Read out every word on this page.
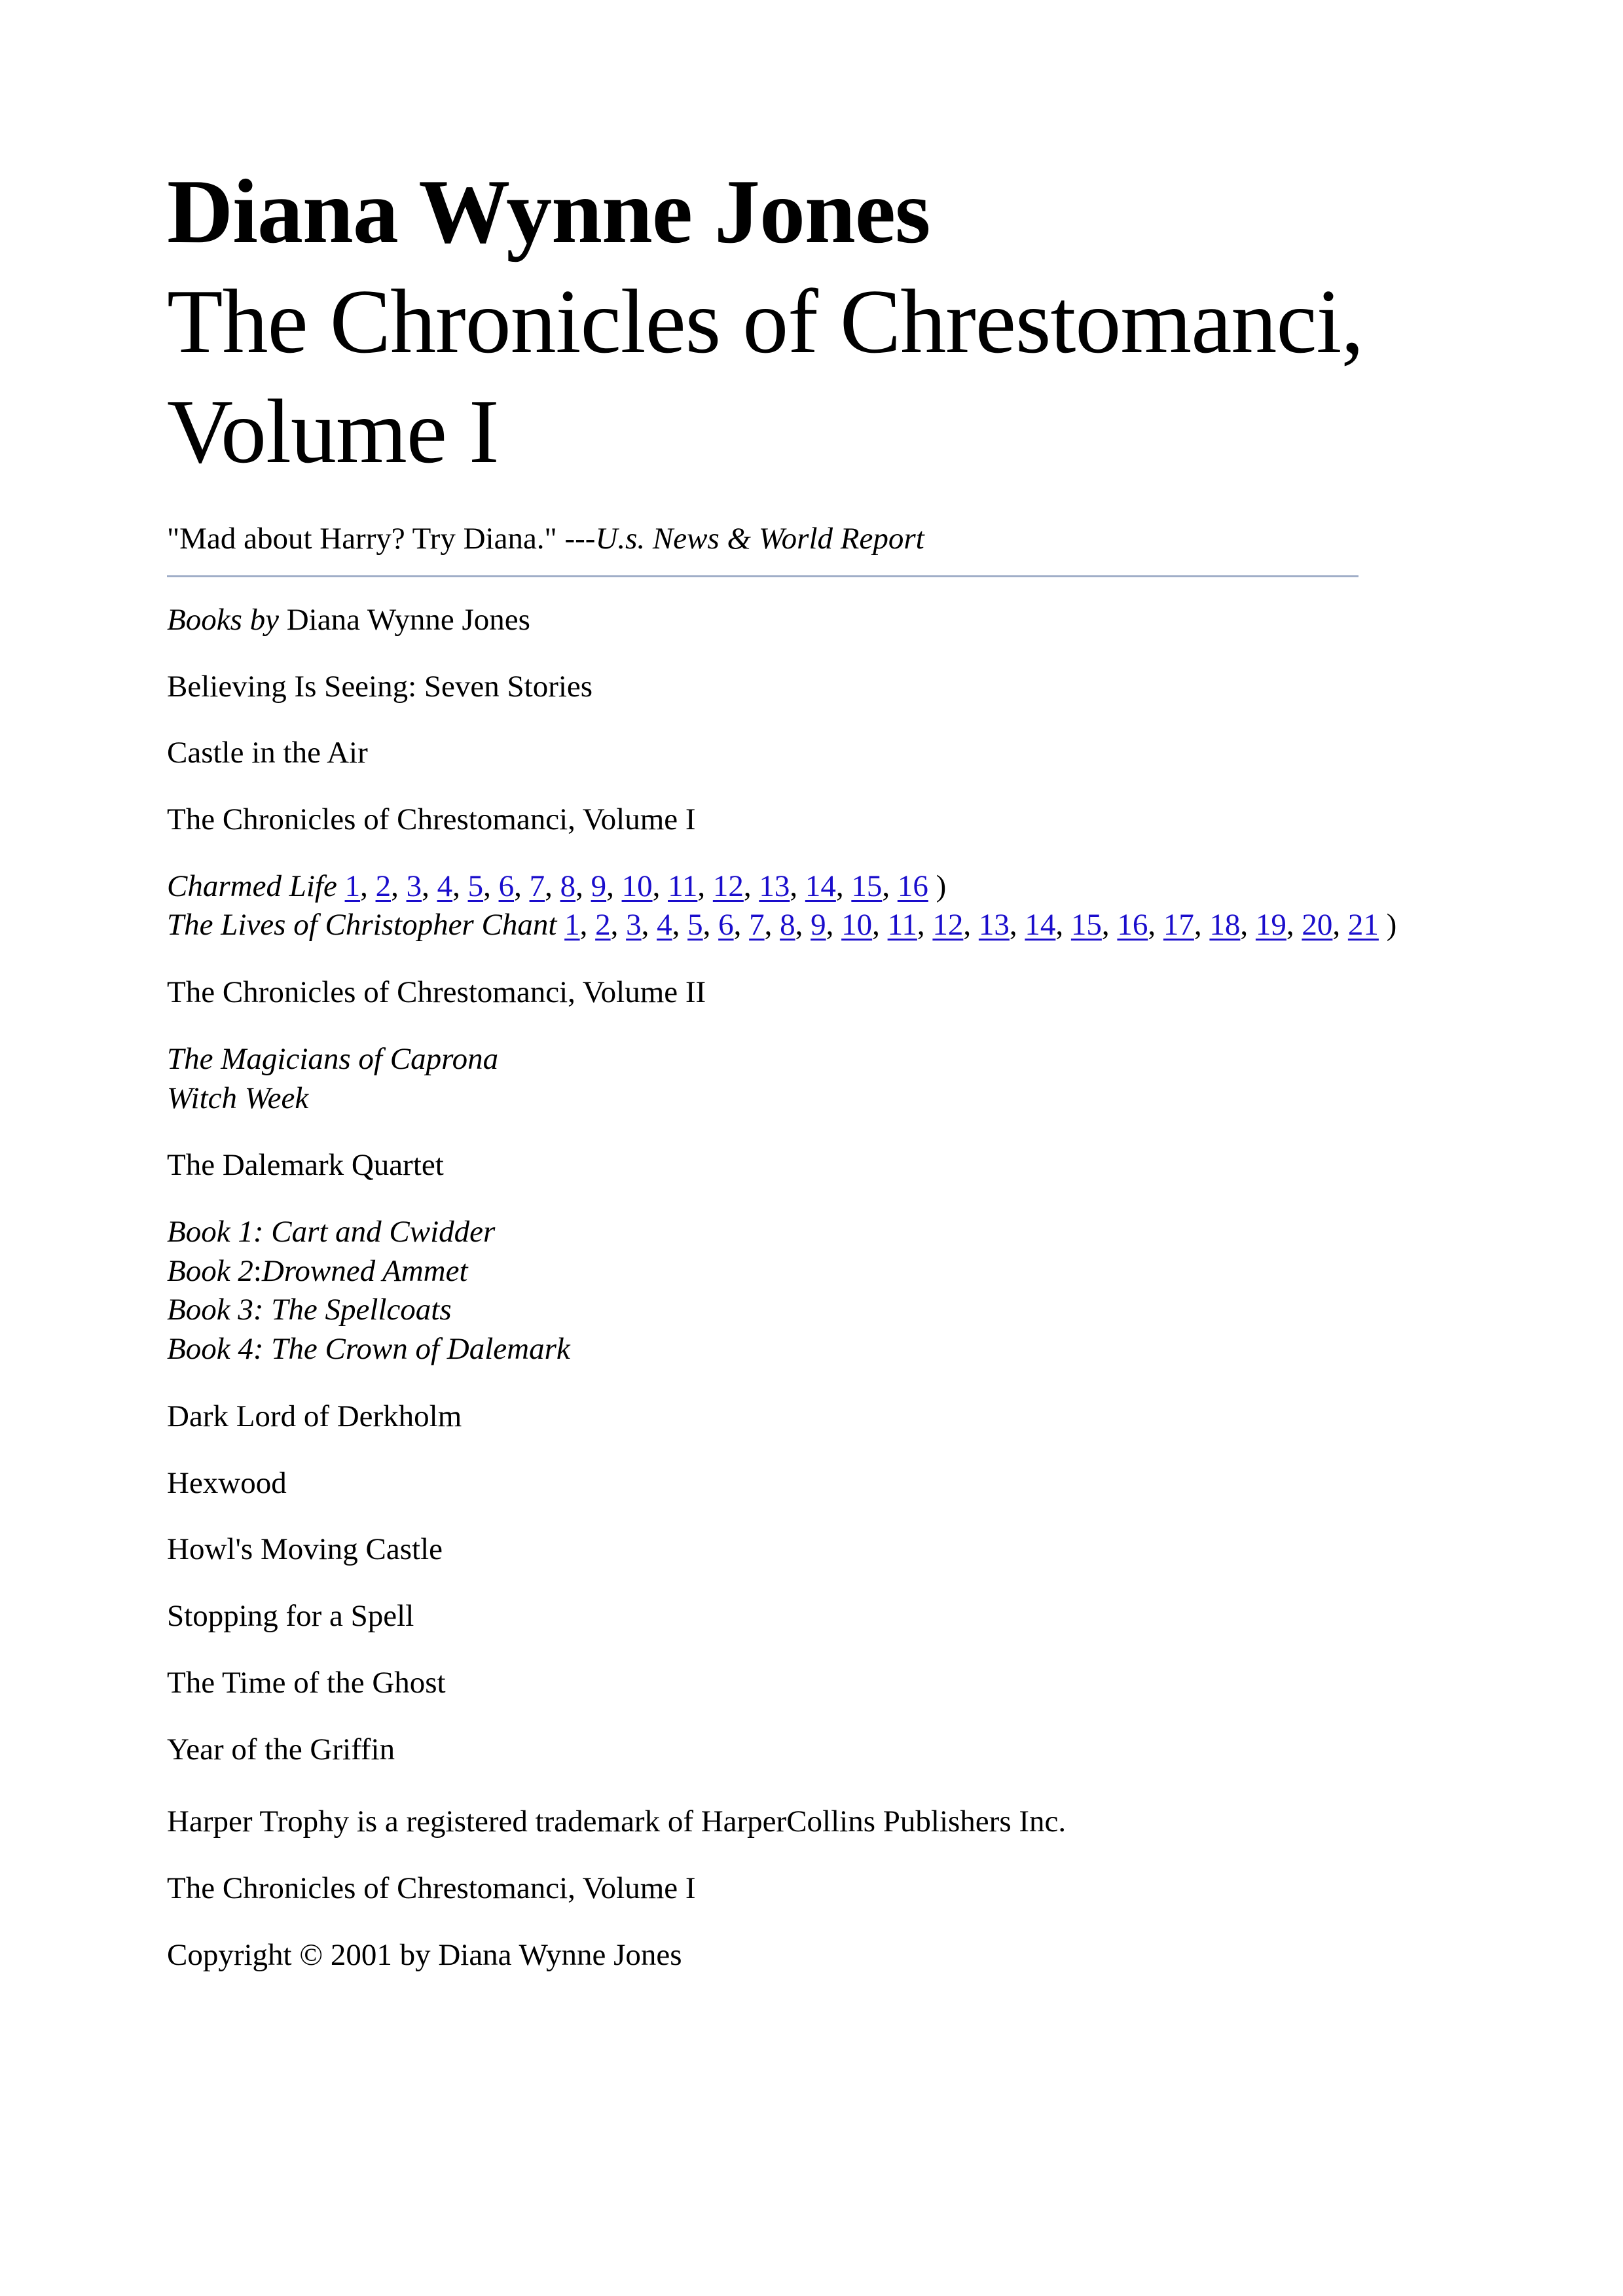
Diana Wynne Jones
The Chronicles of Chrestomanci, Volume I

"Mad about Harry? Try Diana." ---U.s. News & World Report

Books by Diana Wynne Jones

Believing Is Seeing: Seven Stories

Castle in the Air

The Chronicles of Chrestomanci, Volume I

Charmed Life 1, 2, 3, 4, 5, 6, 7, 8, 9, 10, 11, 12, 13, 14, 15, 16 )

The Lives of Christopher Chant 1, 2, 3, 4, 5, 6, 7, 8, 9, 10, 11, 12, 13, 14, 15, 16, 17, 18, 19, 20, 21 )

The Chronicles of Chrestomanci, Volume II

The Magicians of Caprona

Witch Week

The Dalemark Quartet

Book 1: Cart and Cwidder

Book 2:Drowned Ammet

Book 3: The Spellcoats

Book 4: The Crown of Dalemark

Dark Lord of Derkholm

Hexwood

Howl's Moving Castle

Stopping for a Spell

The Time of the Ghost

Year of the Griffin

Harper Trophy is a registered trademark of HarperCollins Publishers Inc.

The Chronicles of Chrestomanci, Volume I

Copyright © 2001 by Diana Wynne Jones
